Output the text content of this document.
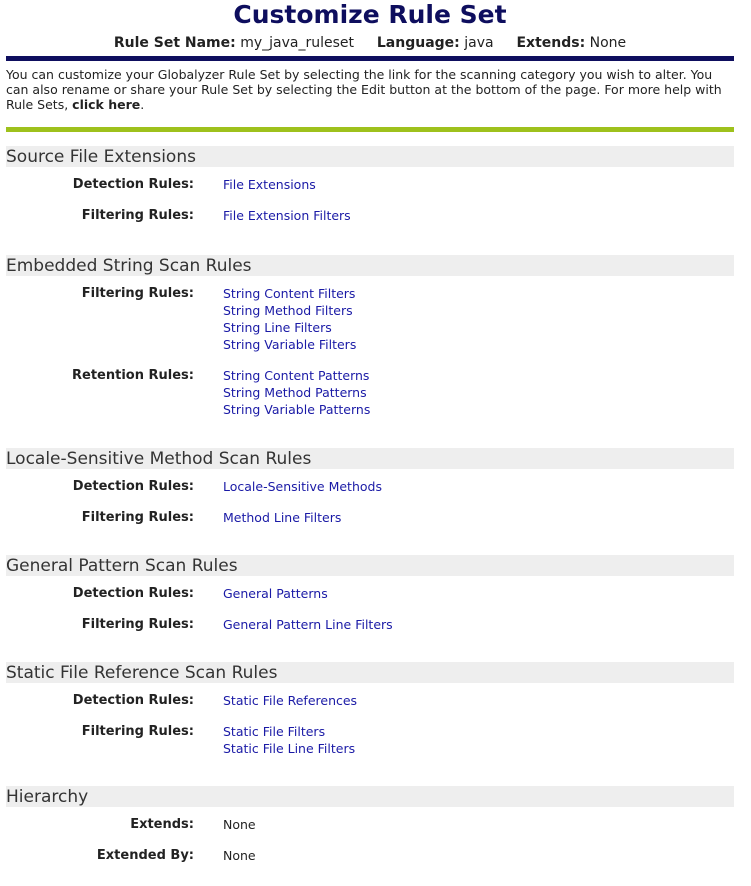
Customize Rule Set
Rule Set Name: my_java_ruleset Language: java Extends: None
You can customize your Globalyzer Rule Set by selecting the link for the scanning category you wish to alter. You can also rename or share your Rule Set by selecting the Edit button at the bottom of the page. For more help with Rule Sets, click here.
Source File Extensions
Detection Rules: File Extensions
Filtering Rules: File Extension Filters
Embedded String Scan Rules
Filtering Rules: String Content Filters
String Method Filters
String Line Filters
String Variable Filters
Retention Rules: String Content Patterns
String Method Patterns
String Variable Patterns
Locale-Sensitive Method Scan Rules
Detection Rules: Locale-Sensitive Methods
Filtering Rules: Method Line Filters
General Pattern Scan Rules
Detection Rules: General Patterns
Filtering Rules: General Pattern Line Filters
Static File Reference Scan Rules
Detection Rules: Static File References
Filtering Rules: Static File Filters
Static File Line Filters
Hierarchy
Extends: None
Extended By: None
